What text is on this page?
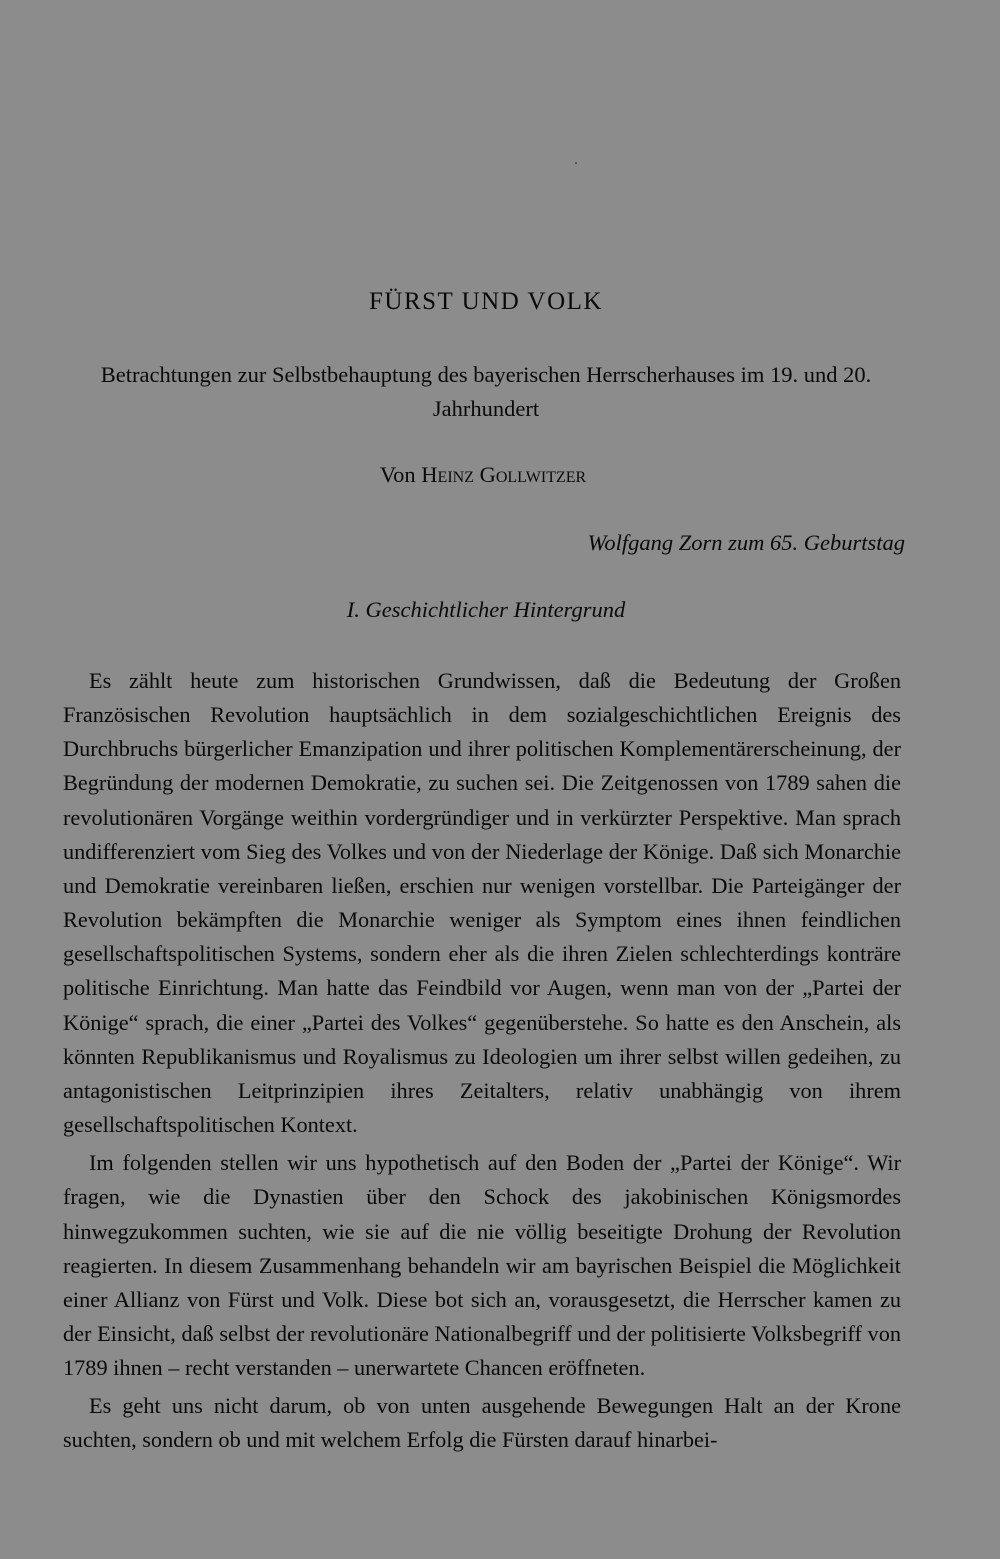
FÜRST UND VOLK
Betrachtungen zur Selbstbehauptung des bayerischen Herrscherhauses im 19. und 20. Jahrhundert
Von Heinz Gollwitzer
Wolfgang Zorn zum 65. Geburtstag
I. Geschichtlicher Hintergrund

Es zählt heute zum historischen Grundwissen, daß die Bedeutung der Großen Französischen Revolution hauptsächlich in dem sozialgeschichtlichen Ereignis des Durchbruchs bürgerlicher Emanzipation und ihrer politischen Komplementärerscheinung, der Begründung der modernen Demokratie, zu suchen sei. Die Zeitgenossen von 1789 sahen die revolutionären Vorgänge weithin vordergründiger und in verkürzter Perspektive. Man sprach undifferenziert vom Sieg des Volkes und von der Niederlage der Könige. Daß sich Monarchie und Demokratie vereinbaren ließen, erschien nur wenigen vorstellbar. Die Parteigänger der Revolution bekämpften die Monarchie weniger als Symptom eines ihnen feindlichen gesellschaftspolitischen Systems, sondern eher als die ihren Zielen schlechterdings konträre politische Einrichtung. Man hatte das Feindbild vor Augen, wenn man von der „Partei der Könige“ sprach, die einer „Partei des Volkes“ gegenüberstehe. So hatte es den Anschein, als könnten Republikanismus und Royalismus zu Ideologien um ihrer selbst willen gedeihen, zu antagonistischen Leitprinzipien ihres Zeitalters, relativ unabhängig von ihrem gesellschaftspolitischen Kontext.

Im folgenden stellen wir uns hypothetisch auf den Boden der „Partei der Könige“. Wir fragen, wie die Dynastien über den Schock des jakobinischen Königsmordes hinwegzukommen suchten, wie sie auf die nie völlig beseitigte Drohung der Revolution reagierten. In diesem Zusammenhang behandeln wir am bayrischen Beispiel die Möglichkeit einer Allianz von Fürst und Volk. Diese bot sich an, vorausgesetzt, die Herrscher kamen zu der Einsicht, daß selbst der revolutionäre Nationalbegriff und der politisierte Volksbegriff von 1789 ihnen – recht verstanden – unerwartete Chancen eröffneten.

Es geht uns nicht darum, ob von unten ausgehende Bewegungen Halt an der Krone suchten, sondern ob und mit welchem Erfolg die Fürsten darauf hinarbei-
